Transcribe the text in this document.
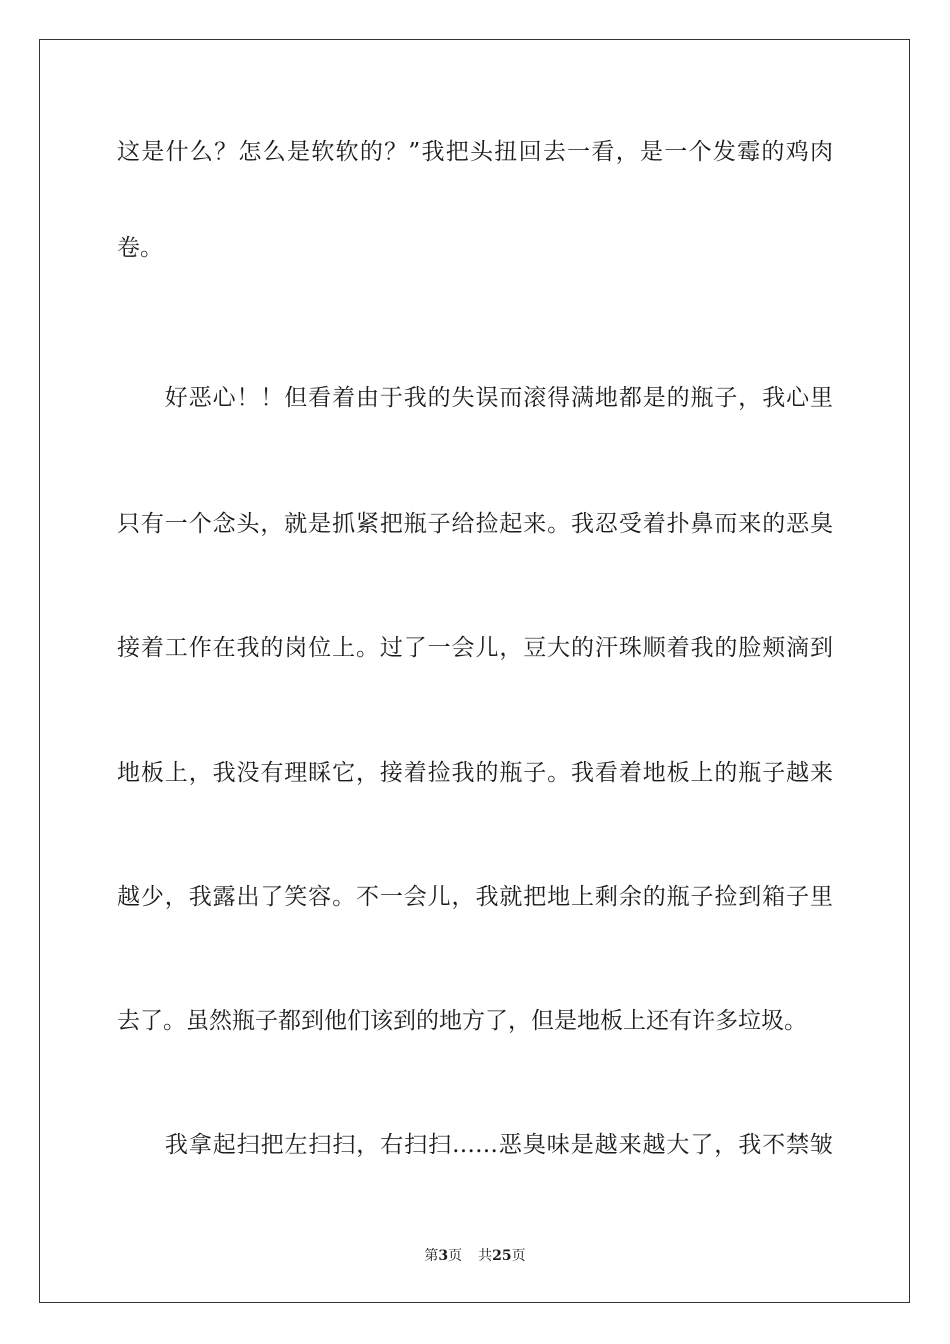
这是什么？怎么是软软的？”我把头扭回去一看，是一个发霉的鸡肉
卷。
　　好恶心！！但看着由于我的失误而滚得满地都是的瓶子，我心里
只有一个念头，就是抓紧把瓶子给捡起来。我忍受着扑鼻而来的恶臭
接着工作在我的岗位上。过了一会儿，豆大的汗珠顺着我的脸颊滴到
地板上，我没有理睬它，接着捡我的瓶子。我看着地板上的瓶子越来
越少，我露出了笑容。不一会儿，我就把地上剩余的瓶子捡到箱子里
去了。虽然瓶子都到他们该到的地方了，但是地板上还有许多垃圾。
　　我拿起扫把左扫扫，右扫扫……恶臭味是越来越大了，我不禁皱
第3页 共25页
